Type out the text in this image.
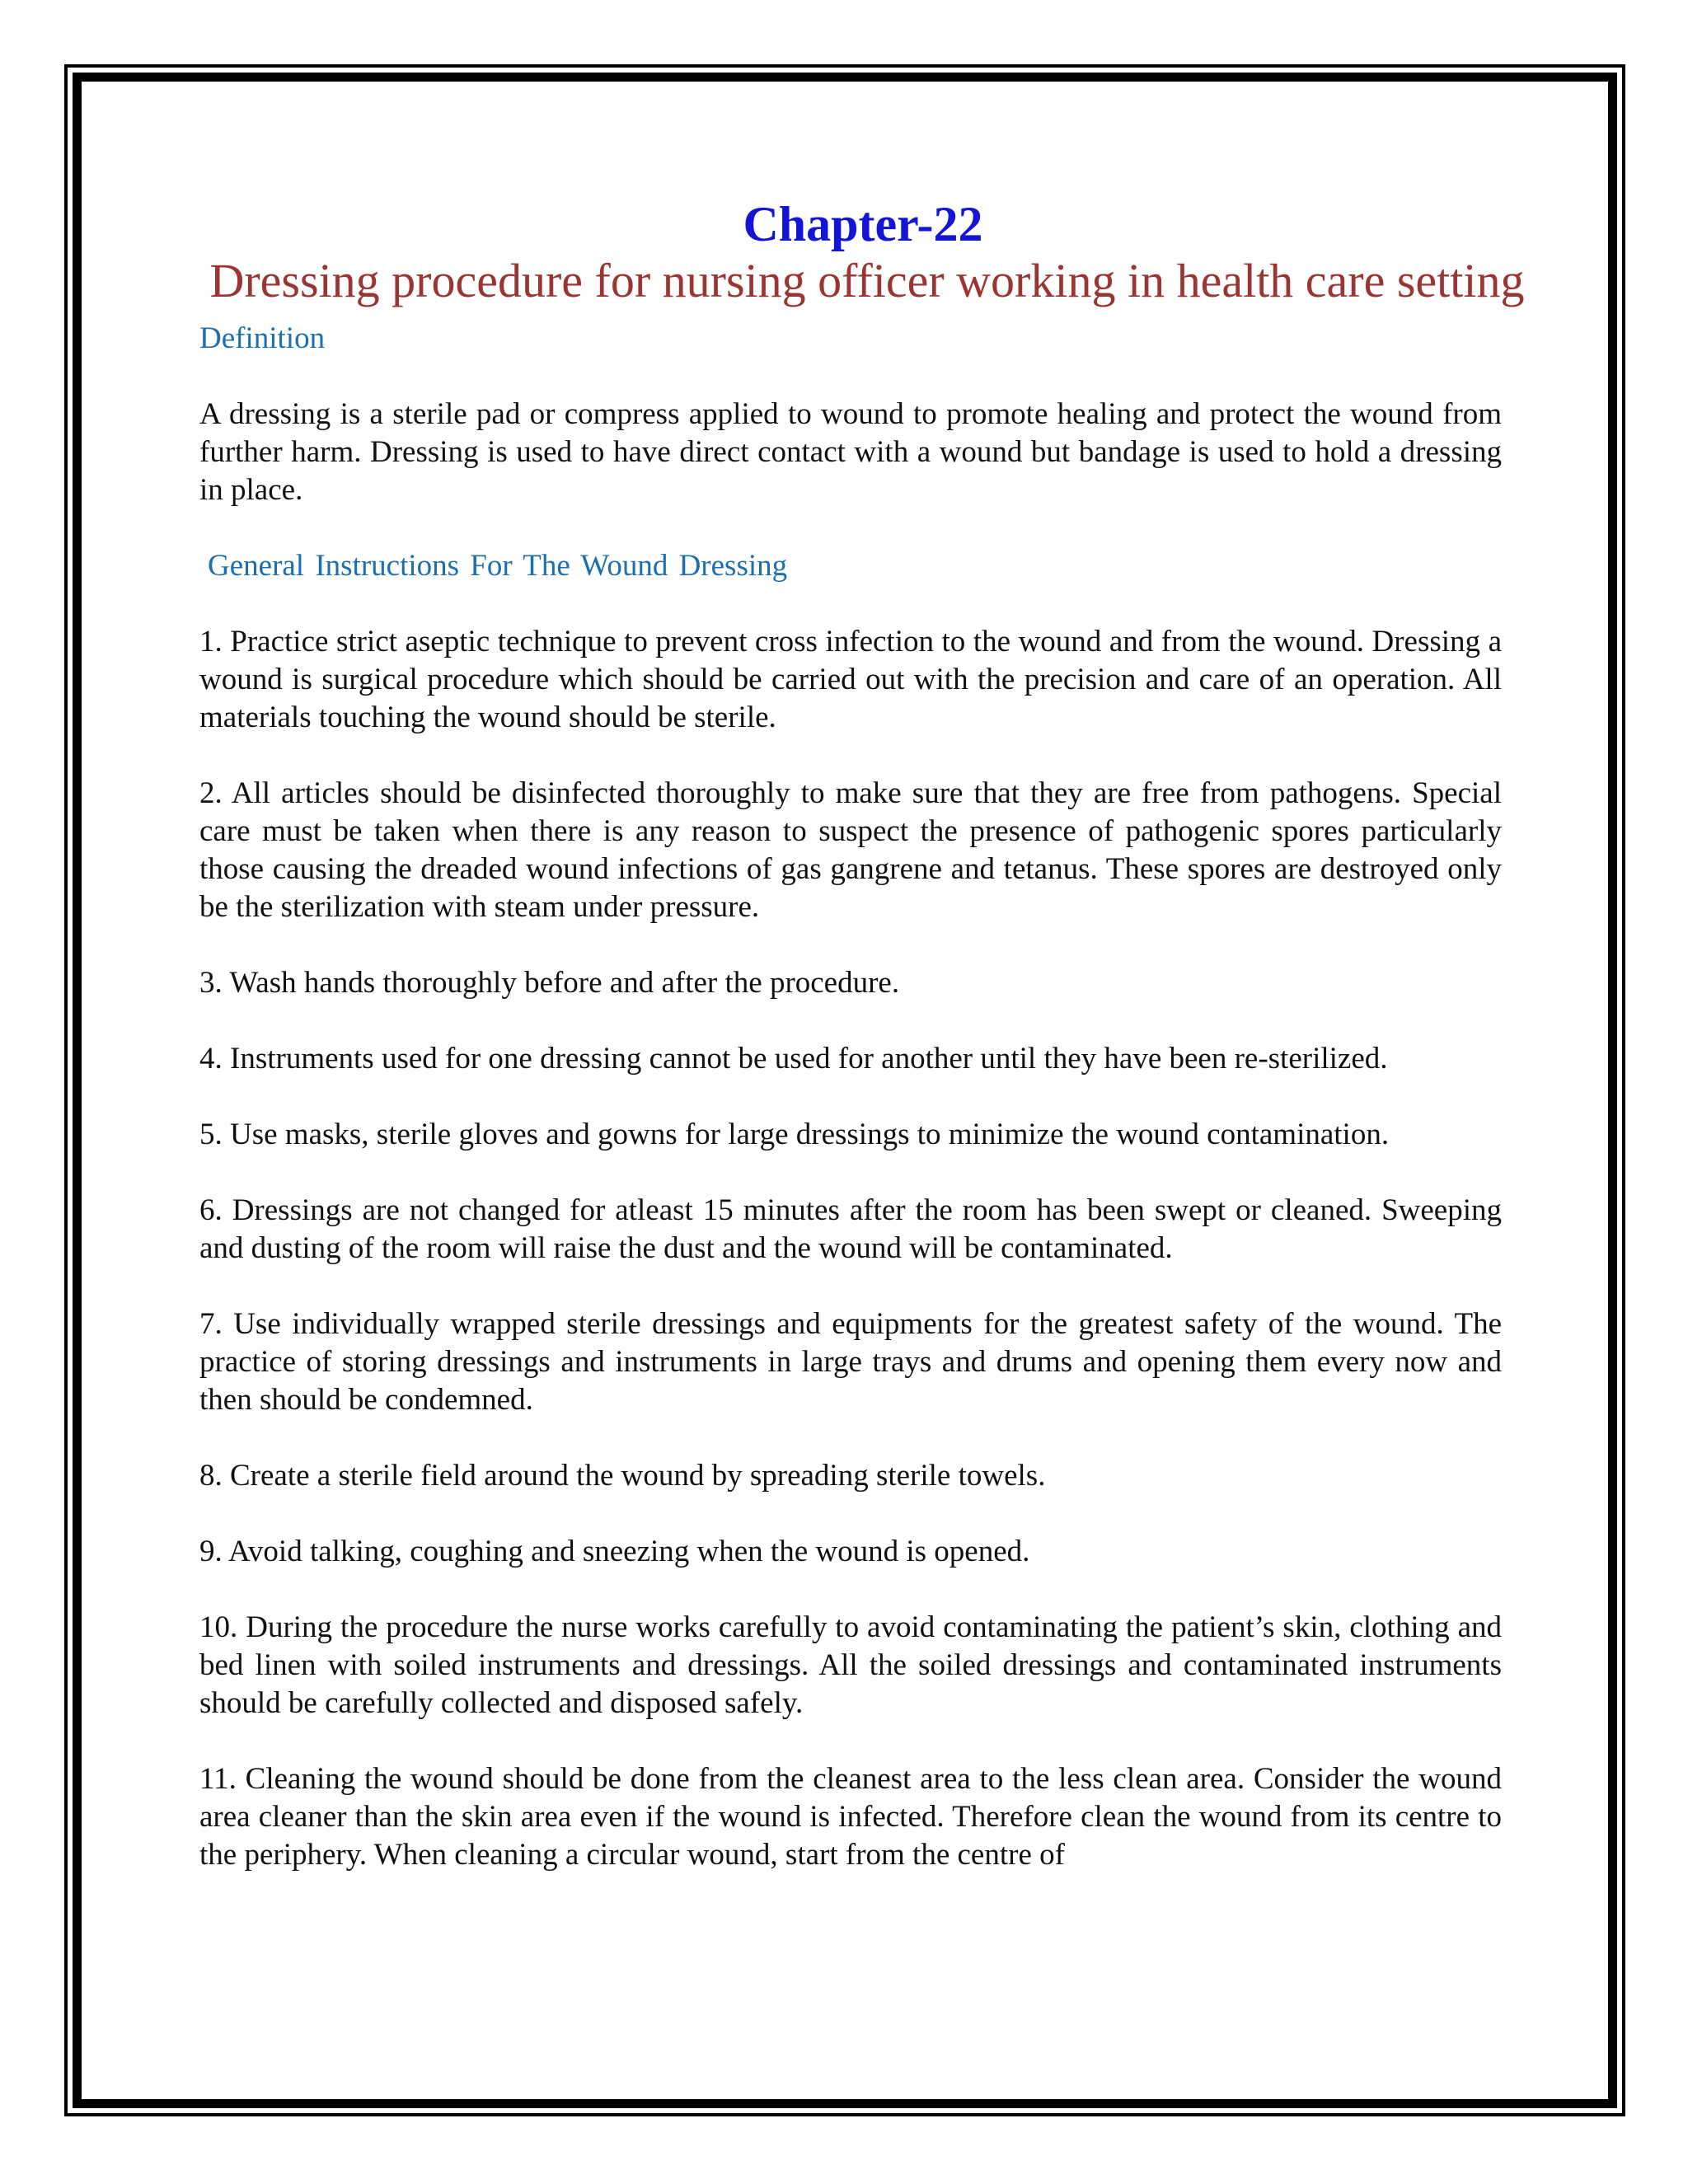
Chapter-22
Dressing procedure for nursing officer working in health care setting
Definition

A dressing is a sterile pad or compress applied to wound to promote healing and protect the wound from further harm. Dressing is used to have direct contact with a wound but bandage is used to hold a dressing in place.

General Instructions For The Wound Dressing
1. Practice strict aseptic technique to prevent cross infection to the wound and from the wound. Dressing a wound is surgical procedure which should be carried out with the precision and care of an operation. All materials touching the wound should be sterile.
2. All articles should be disinfected thoroughly to make sure that they are free from pathogens. Special care must be taken when there is any reason to suspect the presence of pathogenic spores particularly those causing the dreaded wound infections of gas gangrene and tetanus. These spores are destroyed only be the sterilization with steam under pressure.
3. Wash hands thoroughly before and after the procedure.
4. Instruments used for one dressing cannot be used for another until they have been re-sterilized.
5. Use masks, sterile gloves and gowns for large dressings to minimize the wound contamination.
6. Dressings are not changed for atleast 15 minutes after the room has been swept or cleaned. Sweeping and dusting of the room will raise the dust and the wound will be contaminated.
7. Use individually wrapped sterile dressings and equipments for the greatest safety of the wound. The practice of storing dressings and instruments in large trays and drums and opening them every now and then should be condemned.
8. Create a sterile field around the wound by spreading sterile towels.
9. Avoid talking, coughing and sneezing when the wound is opened.
10. During the procedure the nurse works carefully to avoid contaminating the patient’s skin, clothing and bed linen with soiled instruments and dressings. All the soiled dressings and contaminated instruments should be carefully collected and disposed safely.
11. Cleaning the wound should be done from the cleanest area to the less clean area. Consider the wound area cleaner than the skin area even if the wound is infected. Therefore clean the wound from its centre to the periphery. When cleaning a circular wound, start from the centre of
